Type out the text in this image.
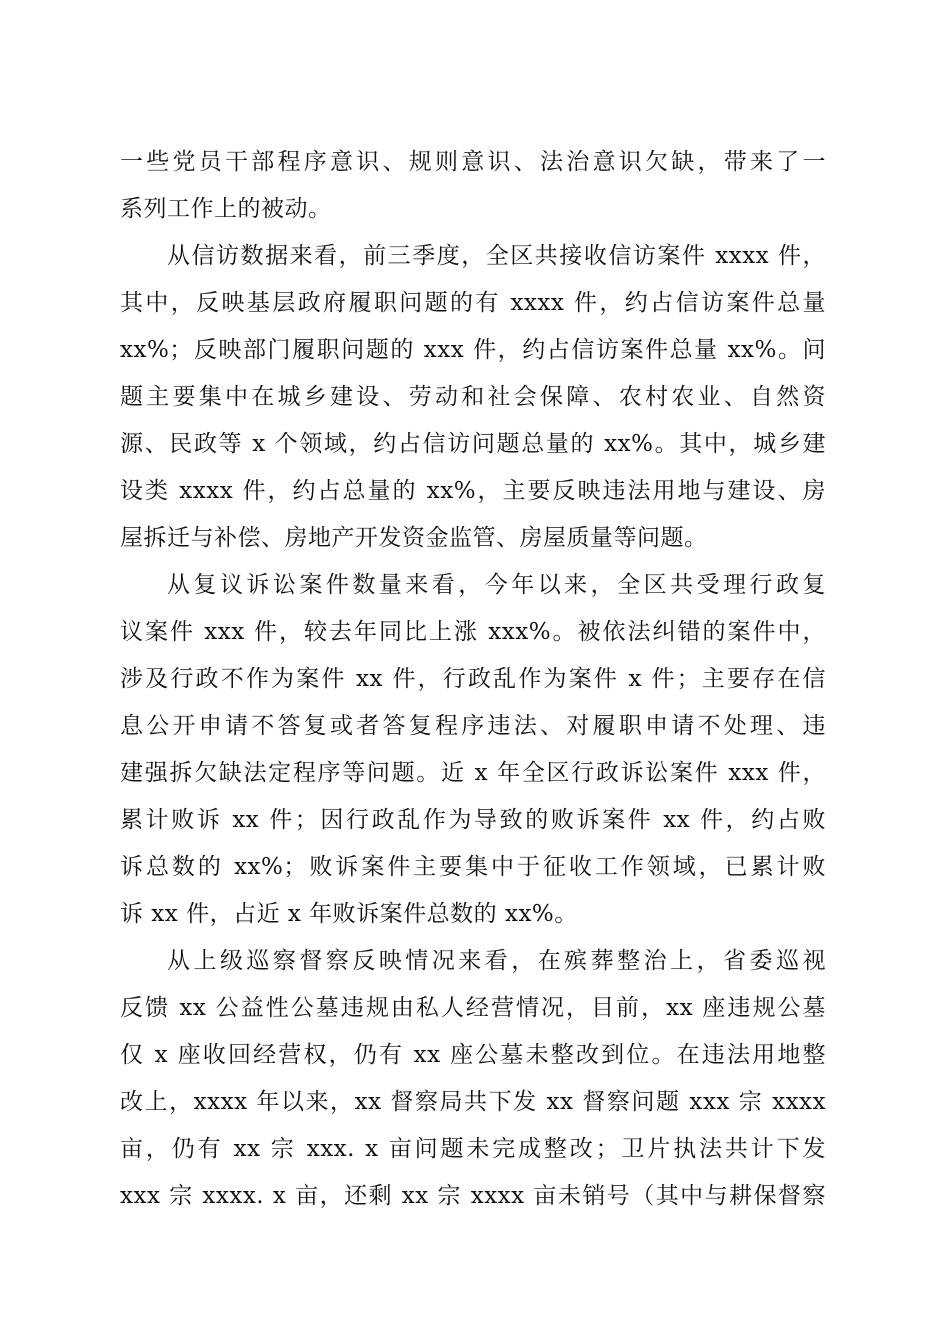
一些党员干部程序意识、规则意识、法治意识欠缺，带来了一
系列工作上的被动。
从信访数据来看，前三季度，全区共接收信访案件 xxxx 件，
其中，反映基层政府履职问题的有 xxxx 件，约占信访案件总量
xx%；反映部门履职问题的 xxx 件，约占信访案件总量 xx%。问
题主要集中在城乡建设、劳动和社会保障、农村农业、自然资
源、民政等 x 个领域，约占信访问题总量的 xx%。其中，城乡建
设类 xxxx 件，约占总量的 xx%，主要反映违法用地与建设、房
屋拆迁与补偿、房地产开发资金监管、房屋质量等问题。
从复议诉讼案件数量来看，今年以来，全区共受理行政复
议案件 xxx 件，较去年同比上涨 xxx%。被依法纠错的案件中，
涉及行政不作为案件 xx 件，行政乱作为案件 x 件；主要存在信
息公开申请不答复或者答复程序违法、对履职申请不处理、违
建强拆欠缺法定程序等问题。近 x 年全区行政诉讼案件 xxx 件，
累计败诉 xx 件；因行政乱作为导致的败诉案件 xx 件，约占败
诉总数的 xx%；败诉案件主要集中于征收工作领域，已累计败
诉 xx 件，占近 x 年败诉案件总数的 xx%。
从上级巡察督察反映情况来看，在殡葬整治上，省委巡视
反馈 xx 公益性公墓违规由私人经营情况，目前，xx 座违规公墓
仅 x 座收回经营权，仍有 xx 座公墓未整改到位。在违法用地整
改上，xxxx 年以来，xx 督察局共下发 xx 督察问题 xxx 宗 xxxx
亩，仍有 xx 宗 xxx. x 亩问题未完成整改；卫片执法共计下发
xxx 宗 xxxx. x 亩，还剩 xx 宗 xxxx 亩未销号（其中与耕保督察
